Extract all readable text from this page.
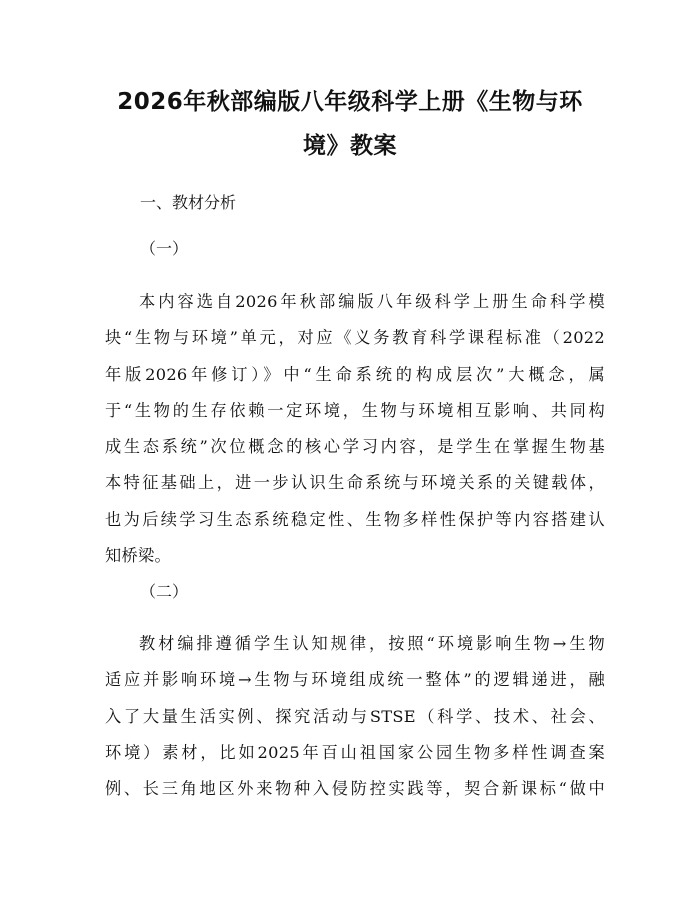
2026年秋部编版八年级科学上册《生物与环
境》教案
一、教材分析
（一）
本内容选自2026年秋部编版八年级科学上册生命科学模
块“生物与环境”单元，对应《义务教育科学课程标准（2022
年版2026年修订）》中“生命系统的构成层次”大概念，属
于“生物的生存依赖一定环境，生物与环境相互影响、共同构
成生态系统”次位概念的核心学习内容，是学生在掌握生物基
本特征基础上，进一步认识生命系统与环境关系的关键载体，
也为后续学习生态系统稳定性、生物多样性保护等内容搭建认
知桥梁。
（二）
教材编排遵循学生认知规律，按照“环境影响生物→生物
适应并影响环境→生物与环境组成统一整体”的逻辑递进，融
入了大量生活实例、探究活动与STSE（科学、技术、社会、
环境）素材，比如2025年百山祖国家公园生物多样性调查案
例、长三角地区外来物种入侵防控实践等，契合新课标“做中
